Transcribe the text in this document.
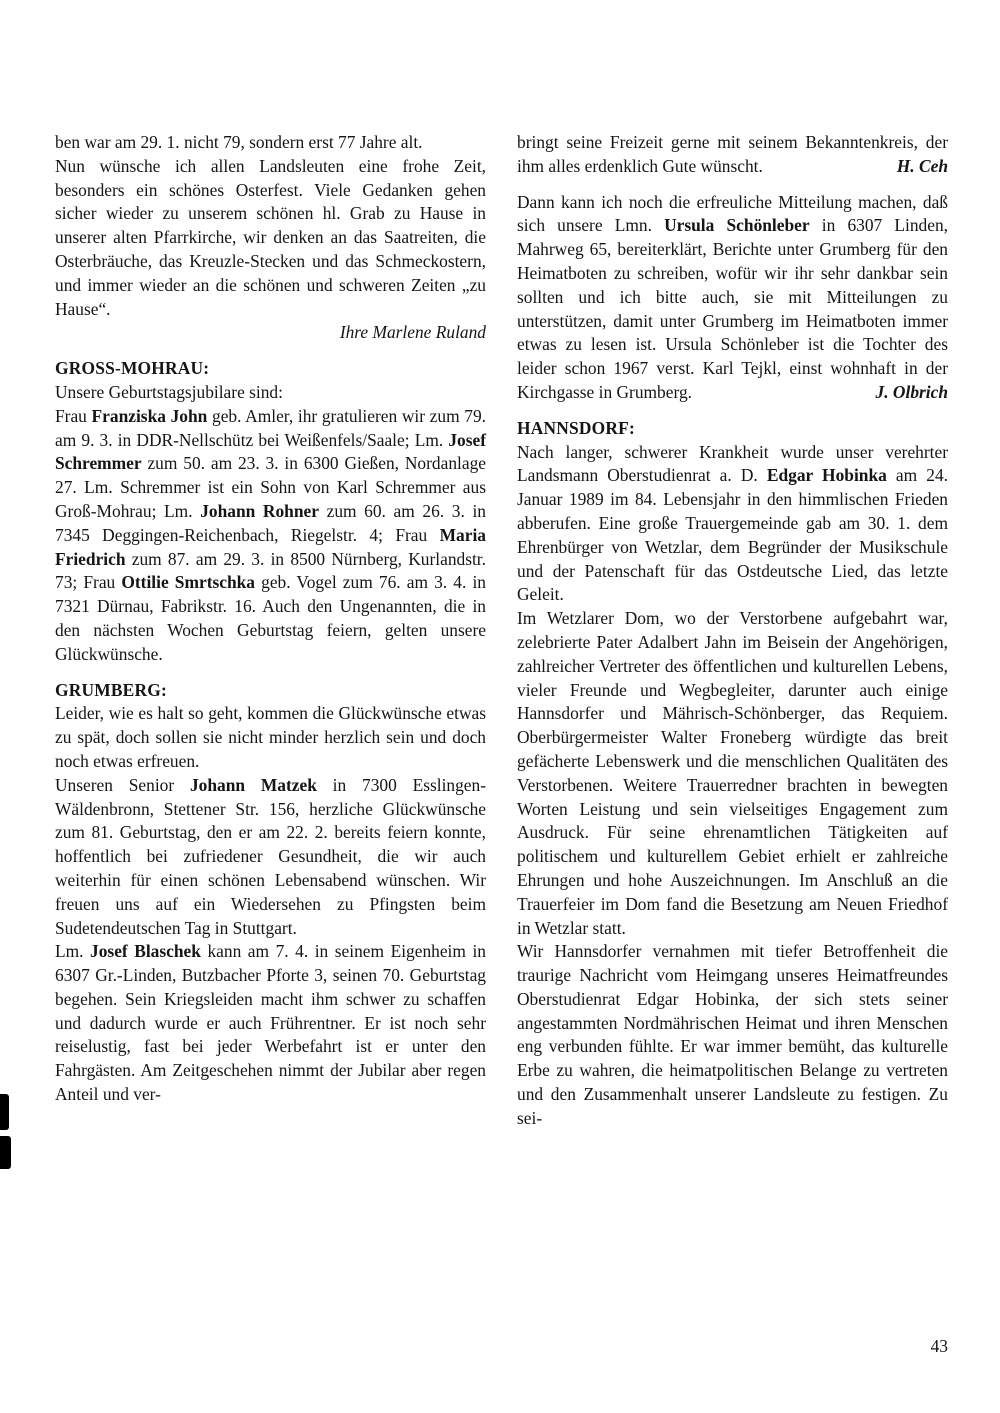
ben war am 29. 1. nicht 79, sondern erst 77 Jahre alt.

Nun wünsche ich allen Landsleuten eine frohe Zeit, besonders ein schönes Osterfest. Viele Gedanken gehen sicher wieder zu unserem schönen hl. Grab zu Hause in unserer alten Pfarrkirche, wir denken an das Saatreiten, die Osterbräuche, das Kreuzle-Stecken und das Schmeckostern, und immer wieder an die schönen und schweren Zeiten „zu Hause“.

Ihre Marlene Ruland

GROSS-MOHRAU:

Unsere Geburtstagsjubilare sind:

Frau Franziska John geb. Amler, ihr gratulieren wir zum 79. am 9. 3. in DDR-Nellschütz bei Weißenfels/Saale; Lm. Josef Schremmer zum 50. am 23. 3. in 6300 Gießen, Nordanlage 27. Lm. Schremmer ist ein Sohn von Karl Schremmer aus Groß-Mohrau; Lm. Johann Rohner zum 60. am 26. 3. in 7345 Deggingen-Reichenbach, Riegelstr. 4; Frau Maria Friedrich zum 87. am 29. 3. in 8500 Nürnberg, Kurlandstr. 73; Frau Ottilie Smrtschka geb. Vogel zum 76. am 3. 4. in 7321 Dürnau, Fabrikstr. 16. Auch den Ungenannten, die in den nächsten Wochen Geburtstag feiern, gelten unsere Glückwünsche.

GRUMBERG:

Leider, wie es halt so geht, kommen die Glückwünsche etwas zu spät, doch sollen sie nicht minder herzlich sein und doch noch etwas erfreuen.

Unseren Senior Johann Matzek in 7300 Esslingen-Wäldenbronn, Stettener Str. 156, herzliche Glückwünsche zum 81. Geburtstag, den er am 22. 2. bereits feiern konnte, hoffentlich bei zufriedener Gesundheit, die wir auch weiterhin für einen schönen Lebensabend wünschen. Wir freuen uns auf ein Wiedersehen zu Pfingsten beim Sudetendeutschen Tag in Stuttgart.

Lm. Josef Blaschek kann am 7. 4. in seinem Eigenheim in 6307 Gr.-Linden, Butzbacher Pforte 3, seinen 70. Geburtstag begehen. Sein Kriegsleiden macht ihm schwer zu schaffen und dadurch wurde er auch Frührentner. Er ist noch sehr reiselustig, fast bei jeder Werbefahrt ist er unter den Fahrgästen. Am Zeitgeschehen nimmt der Jubilar aber regen Anteil und ver-

bringt seine Freizeit gerne mit seinem Bekanntenkreis, der ihm alles erdenklich Gute wünscht.	H. Ceh

Dann kann ich noch die erfreuliche Mitteilung machen, daß sich unsere Lmn. Ursula Schönleber in 6307 Linden, Mahrweg 65, bereiterklärt, Berichte unter Grumberg für den Heimatboten zu schreiben, wofür wir ihr sehr dankbar sein sollten und ich bitte auch, sie mit Mitteilungen zu unterstützen, damit unter Grumberg im Heimatboten immer etwas zu lesen ist. Ursula Schönleber ist die Tochter des leider schon 1967 verst. Karl Tejkl, einst wohnhaft in der Kirchgasse in Grumberg.	J. Olbrich

HANNSDORF:

Nach langer, schwerer Krankheit wurde unser verehrter Landsmann Oberstudienrat a. D. Edgar Hobinka am 24. Januar 1989 im 84. Lebensjahr in den himmlischen Frieden abberufen. Eine große Trauergemeinde gab am 30. 1. dem Ehrenbürger von Wetzlar, dem Begründer der Musikschule und der Patenschaft für das Ostdeutsche Lied, das letzte Geleit.

Im Wetzlarer Dom, wo der Verstorbene aufgebahrt war, zelebrierte Pater Adalbert Jahn im Beisein der Angehörigen, zahlreicher Vertreter des öffentlichen und kulturellen Lebens, vieler Freunde und Wegbegleiter, darunter auch einige Hannsdorfer und Mährisch-Schönberger, das Requiem. Oberbürgermeister Walter Froneberg würdigte das breit gefächerte Lebenswerk und die menschlichen Qualitäten des Verstorbenen. Weitere Trauerredner brachten in bewegten Worten Leistung und sein vielseitiges Engagement zum Ausdruck. Für seine ehrenamtlichen Tätigkeiten auf politischem und kulturellem Gebiet erhielt er zahlreiche Ehrungen und hohe Auszeichnungen. Im Anschluß an die Trauerfeier im Dom fand die Besetzung am Neuen Friedhof in Wetzlar statt.

Wir Hannsdorfer vernahmen mit tiefer Betroffenheit die traurige Nachricht vom Heimgang unseres Heimatfreundes Oberstudienrat Edgar Hobinka, der sich stets seiner angestammten Nordmährischen Heimat und ihren Menschen eng verbunden fühlte. Er war immer bemüht, das kulturelle Erbe zu wahren, die heimatpolitischen Belange zu vertreten und den Zusammenhalt unserer Landsleute zu festigen. Zu sei-

43
